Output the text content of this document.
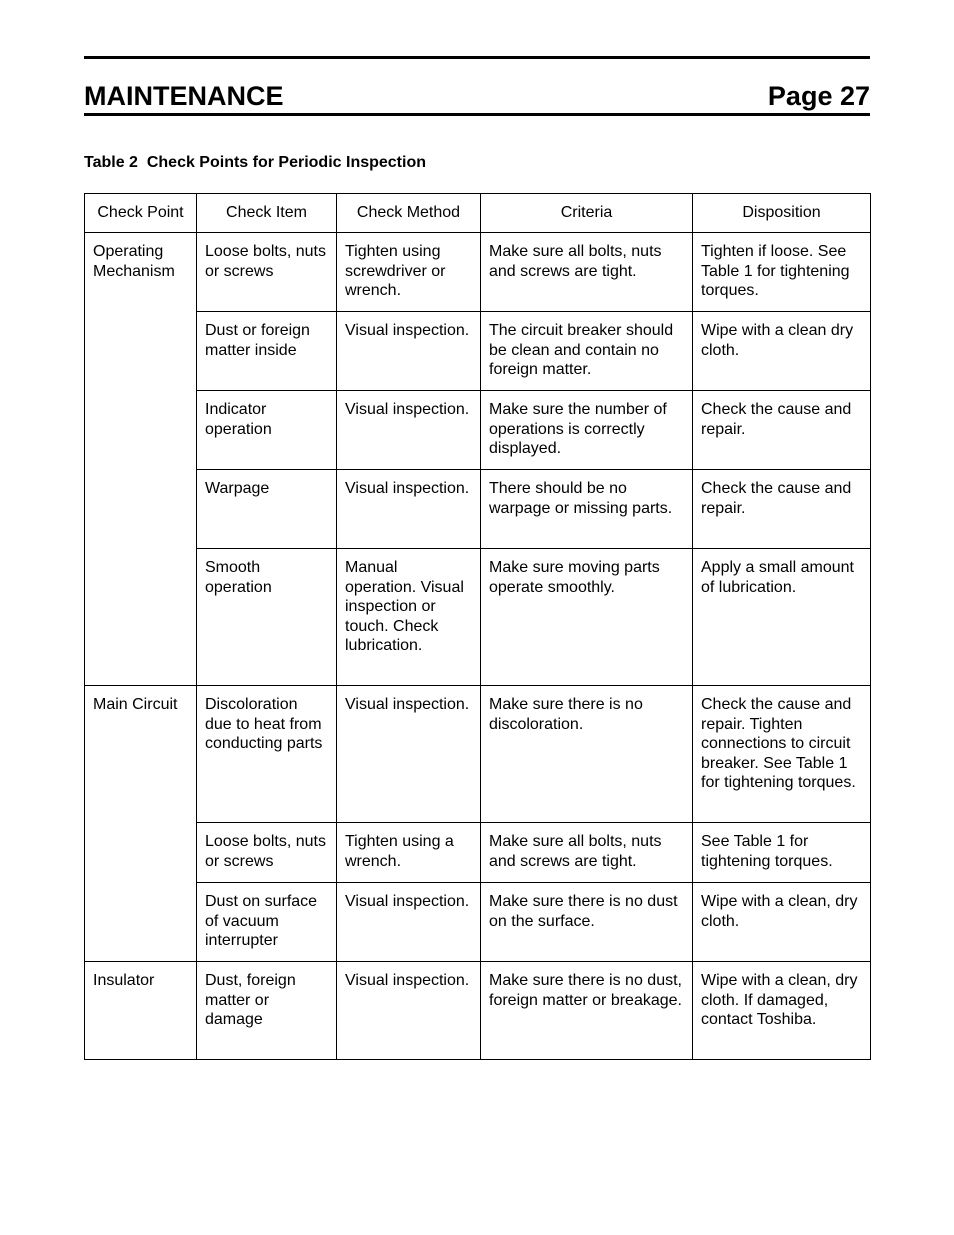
MAINTENANCE	Page 27
Table 2  Check Points for Periodic Inspection
Check Point	Check Item	Check Method	Criteria	Disposition
Operating Mechanism	Loose bolts, nuts or screws	Tighten using screwdriver or wrench.	Make sure all bolts, nuts and screws are tight.	Tighten if loose. See Table 1 for tightening torques.
	Dust or foreign matter inside	Visual inspection.	The circuit breaker should be clean and contain no foreign matter.	Wipe with a clean dry cloth.
	Indicator operation	Visual inspection.	Make sure the number of operations is correctly displayed.	Check the cause and repair.
	Warpage	Visual inspection.	There should be no warpage or missing parts.	Check the cause and repair.
	Smooth operation	Manual operation. Visual inspection or touch. Check lubrication.	Make sure moving parts operate smoothly.	Apply a small amount of lubrication.
Main Circuit	Discoloration due to heat from conducting parts	Visual inspection.	Make sure there is no discoloration.	Check the cause and repair. Tighten connections to circuit breaker. See Table 1 for tightening torques.
	Loose bolts, nuts or screws	Tighten using a wrench.	Make sure all bolts, nuts and screws are tight.	See Table 1 for tightening torques.
	Dust on surface of vacuum interrupter	Visual inspection.	Make sure there is no dust on the surface.	Wipe with a clean, dry cloth.
Insulator	Dust, foreign matter or damage	Visual inspection.	Make sure there is no dust, foreign matter or breakage.	Wipe with a clean, dry cloth. If damaged, contact Toshiba.
